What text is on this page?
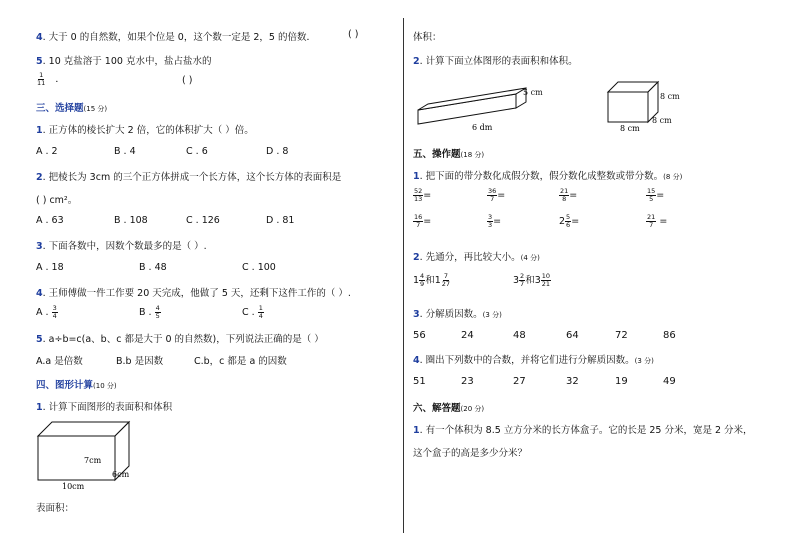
4. 大于 0 的自然数，如果个位是 0，这个数一定是 2，5 的倍数．	( )
5. 10 克盐溶于 100 克水中，盐占盐水的
$\frac{1}{11}$ ．	( )
三、选择题(15 分)
1. 正方体的棱长扩大 2 倍，它的体积扩大（ ）倍。
A . 2	B . 4	C . 6	D . 8
2. 把棱长为 3cm 的三个正方体拼成一个长方体，这个长方体的表面积是
( ) cm²。
A . 63	B . 108	C . 126	D . 81
3. 下面各数中，因数个数最多的是（ ）.
A . 18	B . 48	C . 100
4. 王师傅做一件工作要 20 天完成，他做了 5 天，还剩下这件工作的（ ）.
A . $\frac{3}{4}$	B . $\frac{4}{5}$	C . $\frac{1}{4}$
5. a÷b=c(a、b、c 都是大于 0 的自然数)，下列说法正确的是（ ）
A.a 是倍数	B.b 是因数	C.b，c 都是 a 的因数
四、图形计算(10 分)
1. 计算下面图形的表面积和体积
7cm
6cm
10cm
表面积：
体积：
2. 计算下面立体图形的表面积和体积。
6 dm
5 cm
8 cm
8 cm
8 cm
五、操作题(18 分)
1. 把下面的带分数化成假分数，假分数化成整数或带分数。(8 分)
$\frac{52}{13}$ =	$\frac{36}{7}$ =	$\frac{21}{8}$ =	$\frac{15}{5}$ =
$\frac{16}{7}$ =	$\frac{3}{3}$ =	$2 \frac{5}{6}$ =	$\frac{21}{7}$ =
2. 先通分，再比较大小。(4 分)
$1 \frac{4}{9}$ 和$1 \frac{7}{27}$	$3 \frac{2}{7}$ 和$3 \frac{10}{21}$
3. 分解质因数。(3 分)
56	24	48	64	72	86
4. 圈出下列数中的合数，并将它们进行分解质因数。(3 分)
51	23	27	32	19	49
六、解答题(20 分)
1. 有一个体积为 8.5 立方分米的长方体盒子。它的长是 25 分米，宽是 2 分米，
这个盒子的高是多少分米？
